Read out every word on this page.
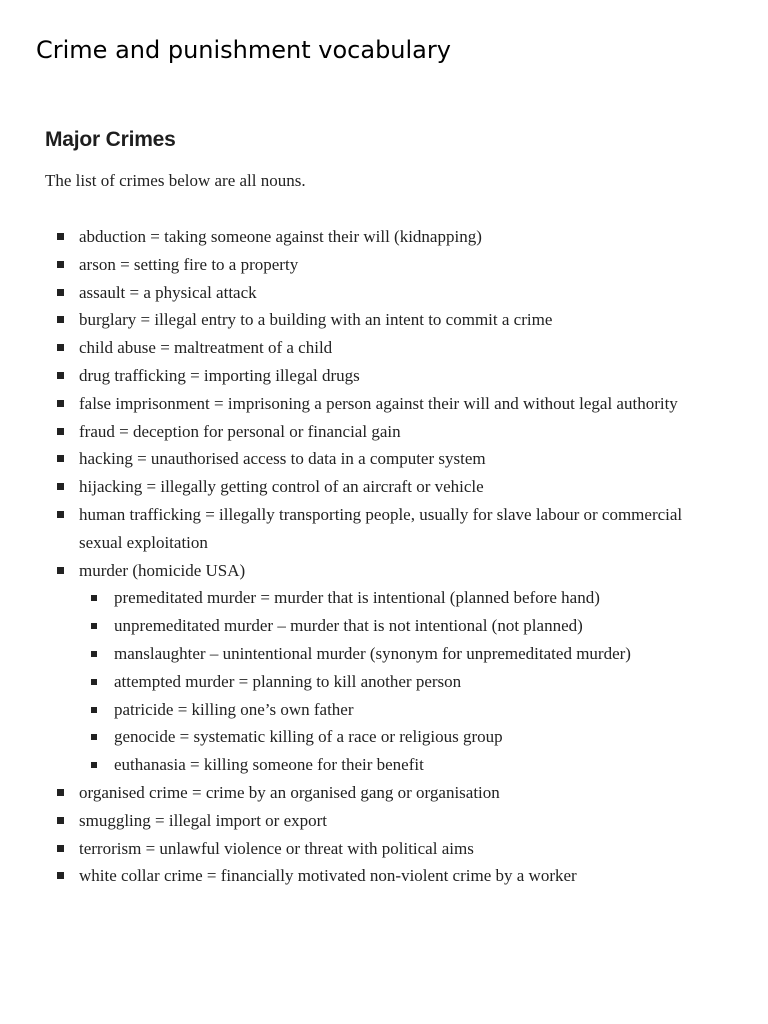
Crime and punishment vocabulary
Major Crimes

The list of crimes below are all nouns.

abduction = taking someone against their will (kidnapping)
arson = setting fire to a property
assault = a physical attack
burglary = illegal entry to a building with an intent to commit a crime
child abuse = maltreatment of a child
drug trafficking = importing illegal drugs
false imprisonment = imprisoning a person against their will and without legal authority
fraud = deception for personal or financial gain
hacking = unauthorised access to data in a computer system
hijacking = illegally getting control of an aircraft or vehicle
human trafficking = illegally transporting people, usually for slave labour or commercial sexual exploitation
murder (homicide USA)
premeditated murder = murder that is intentional (planned before hand)
unpremeditated murder – murder that is not intentional (not planned)
manslaughter – unintentional murder (synonym for unpremeditated murder)
attempted murder = planning to kill another person
patricide = killing one’s own father
genocide = systematic killing of a race or religious group
euthanasia = killing someone for their benefit
organised crime = crime by an organised gang or organisation
smuggling = illegal import or export
terrorism = unlawful violence or threat with political aims
white collar crime = financially motivated non-violent crime by a worker
